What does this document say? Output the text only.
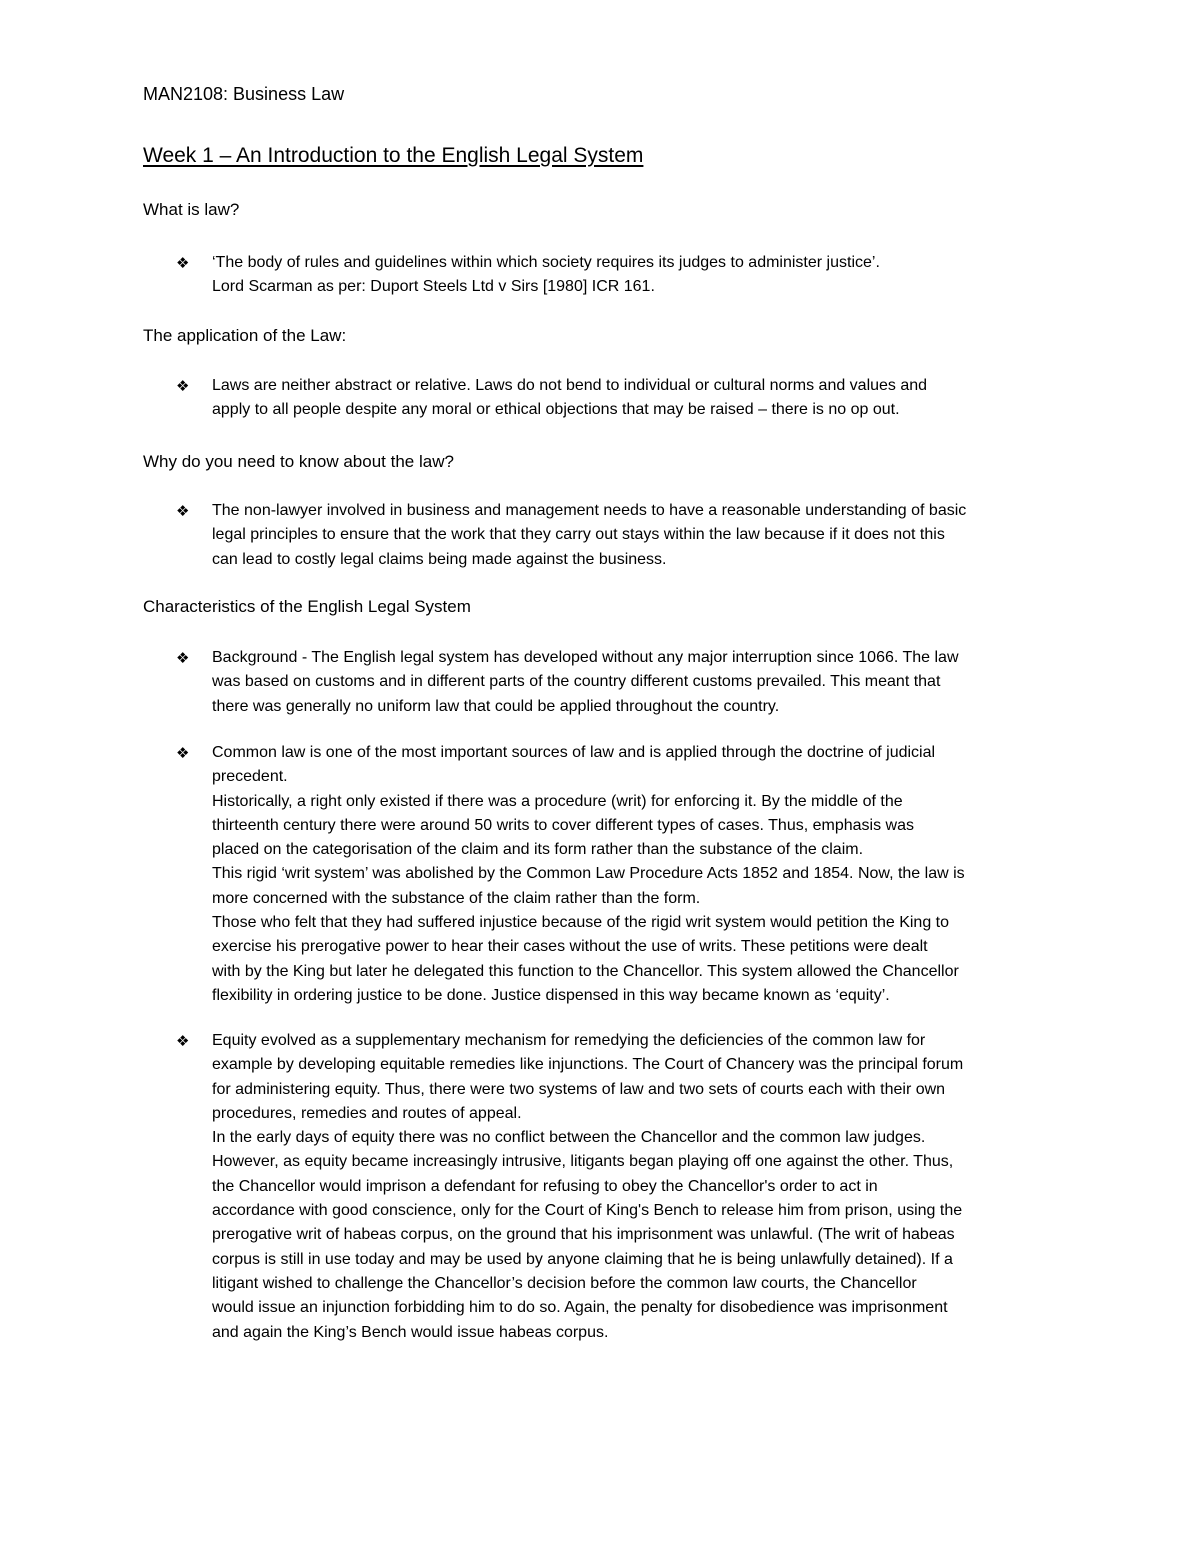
MAN2108: Business Law
Week 1 – An Introduction to the English Legal System
What is law?
❖ ‘The body of rules and guidelines within which society requires its judges to administer justice’.
Lord Scarman as per: Duport Steels Ltd v Sirs [1980] ICR 161.
The application of the Law:
❖ Laws are neither abstract or relative. Laws do not bend to individual or cultural norms and values and
apply to all people despite any moral or ethical objections that may be raised – there is no op out.
Why do you need to know about the law?
❖ The non-lawyer involved in business and management needs to have a reasonable understanding of basic
legal principles to ensure that the work that they carry out stays within the law because if it does not this
can lead to costly legal claims being made against the business.
Characteristics of the English Legal System
❖ Background - The English legal system has developed without any major interruption since 1066. The law
was based on customs and in different parts of the country different customs prevailed. This meant that
there was generally no uniform law that could be applied throughout the country.
❖ Common law is one of the most important sources of law and is applied through the doctrine of judicial
precedent.
Historically, a right only existed if there was a procedure (writ) for enforcing it. By the middle of the
thirteenth century there were around 50 writs to cover different types of cases. Thus, emphasis was
placed on the categorisation of the claim and its form rather than the substance of the claim.
This rigid ‘writ system’ was abolished by the Common Law Procedure Acts 1852 and 1854. Now, the law is
more concerned with the substance of the claim rather than the form.
Those who felt that they had suffered injustice because of the rigid writ system would petition the King to
exercise his prerogative power to hear their cases without the use of writs. These petitions were dealt
with by the King but later he delegated this function to the Chancellor. This system allowed the Chancellor
flexibility in ordering justice to be done. Justice dispensed in this way became known as ‘equity’.
❖ Equity evolved as a supplementary mechanism for remedying the deficiencies of the common law for
example by developing equitable remedies like injunctions. The Court of Chancery was the principal forum
for administering equity. Thus, there were two systems of law and two sets of courts each with their own
procedures, remedies and routes of appeal.
In the early days of equity there was no conflict between the Chancellor and the common law judges.
However, as equity became increasingly intrusive, litigants began playing off one against the other. Thus,
the Chancellor would imprison a defendant for refusing to obey the Chancellor's order to act in
accordance with good conscience, only for the Court of King's Bench to release him from prison, using the
prerogative writ of habeas corpus, on the ground that his imprisonment was unlawful. (The writ of habeas
corpus is still in use today and may be used by anyone claiming that he is being unlawfully detained). If a
litigant wished to challenge the Chancellor’s decision before the common law courts, the Chancellor
would issue an injunction forbidding him to do so. Again, the penalty for disobedience was imprisonment
and again the King’s Bench would issue habeas corpus.
